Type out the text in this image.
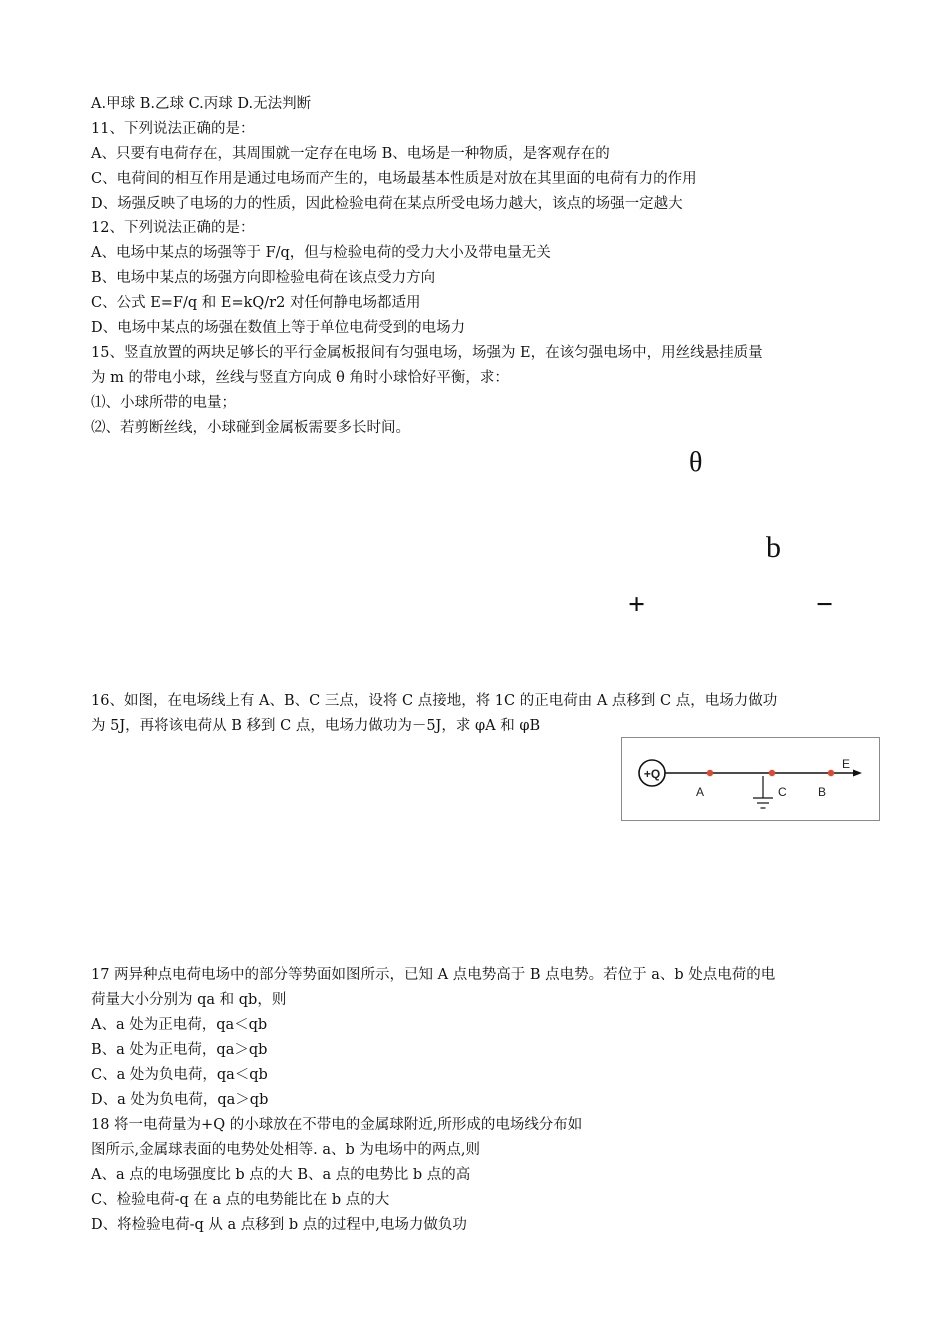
A.甲球 B.乙球 C.丙球 D.无法判断
11、下列说法正确的是：
A、只要有电荷存在，其周围就一定存在电场 B、电场是一种物质，是客观存在的
C、电荷间的相互作用是通过电场而产生的，电场最基本性质是对放在其里面的电荷有力的作用
D、场强反映了电场的力的性质，因此检验电荷在某点所受电场力越大，该点的场强一定越大
12、下列说法正确的是：
A、电场中某点的场强等于 F/q，但与检验电荷的受力大小及带电量无关
B、电场中某点的场强方向即检验电荷在该点受力方向
C、公式 E=F/q 和 E=kQ/r2 对任何静电场都适用
D、电场中某点的场强在数值上等于单位电荷受到的电场力
15、竖直放置的两块足够长的平行金属板报间有匀强电场，场强为 E，在该匀强电场中，用丝线悬挂质量
为 m 的带电小球，丝线与竖直方向成 θ 角时小球恰好平衡，求：
⑴、小球所带的电量；
⑵、若剪断丝线，小球碰到金属板需要多长时间。
16、如图，在电场线上有 A、B、C 三点，设将 C 点接地，将 1C 的正电荷由 A 点移到 C 点，电场力做功
为 5J，再将该电荷从 B 移到 C 点，电场力做功为－5J，求 φA 和 φB
17 两异种点电荷电场中的部分等势面如图所示，已知 A 点电势高于 B 点电势。若位于 a、b 处点电荷的电
荷量大小分别为 qa 和 qb，则
A、a 处为正电荷，qa＜qb
B、a 处为正电荷，qa＞qb
C、a 处为负电荷，qa＜qb
D、a 处为负电荷，qa＞qb
18 将一电荷量为+Q 的小球放在不带电的金属球附近,所形成的电场线分布如
图所示,金属球表面的电势处处相等. a、b 为电场中的两点,则
A、a 点的电场强度比 b 点的大 B、a 点的电势比 b 点的高
C、检验电荷-q 在 a 点的电势能比在 b 点的大
D、将检验电荷-q 从 a 点移到 b 点的过程中,电场力做负功
θ
b
+	−
+Q
E
A	C	B
